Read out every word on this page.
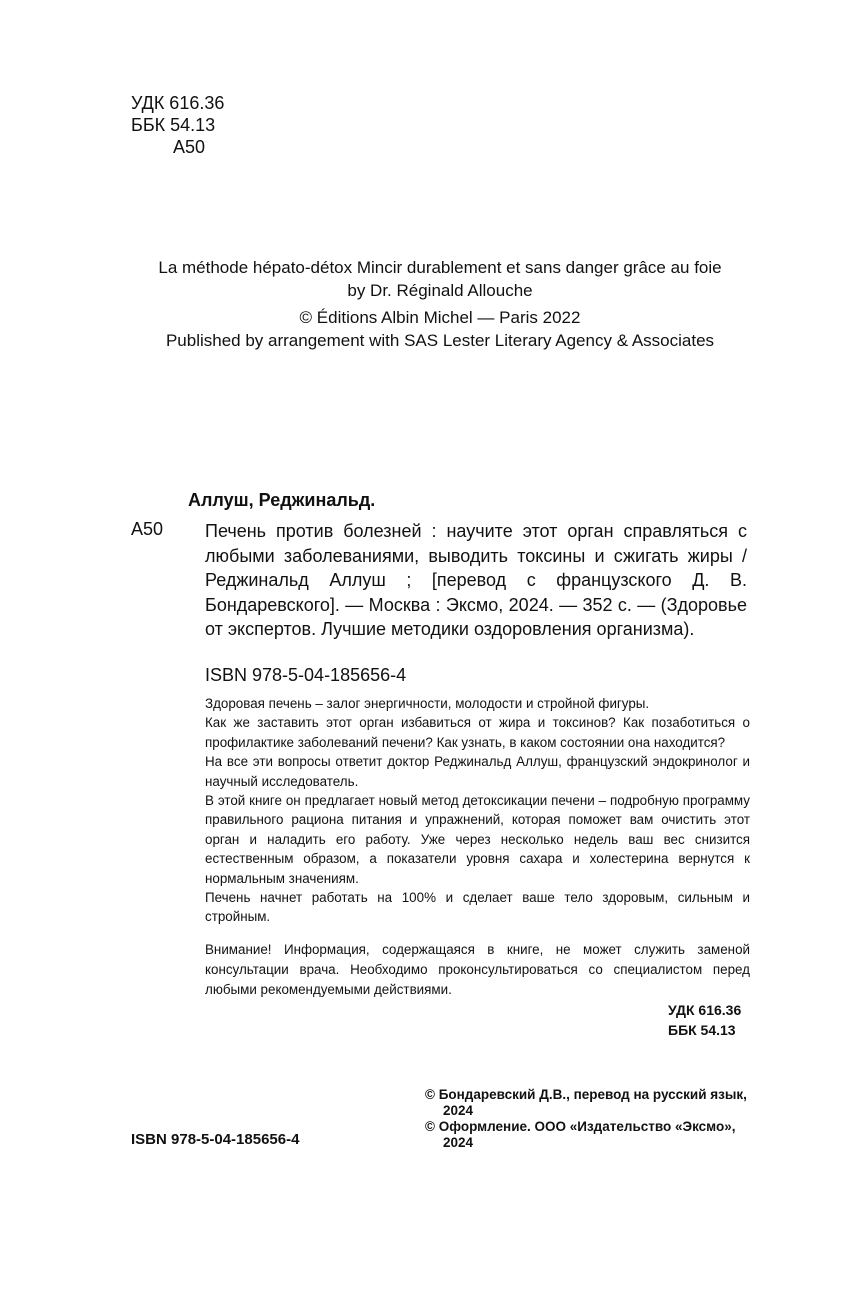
УДК 616.36
ББК 54.13
А50
La méthode hépato-détox Mincir durablement et sans danger grâce au foie
by Dr. Réginald Allouche
© Éditions Albin Michel — Paris 2022
Published by arrangement with SAS Lester Literary Agency & Associates
Аллуш, Реджинальд.
А50 Печень против болезней : научите этот орган справляться с любыми заболеваниями, выводить токсины и сжигать жиры / Реджинальд Аллуш ; [перевод с французского Д. В. Бондаревского]. — Москва : Эксмо, 2024. — 352 с. — (Здоровье от экспертов. Лучшие методики оздоровления организма).
ISBN 978-5-04-185656-4

Здоровая печень – залог энергичности, молодости и стройной фигуры.

Как же заставить этот орган избавиться от жира и токсинов? Как позаботиться о профилактике заболеваний печени? Как узнать, в каком состоянии она находится?

На все эти вопросы ответит доктор Реджинальд Аллуш, французский эндокринолог и научный исследователь.

В этой книге он предлагает новый метод детоксикации печени – подробную программу правильного рациона питания и упражнений, которая поможет вам очистить этот орган и наладить его работу. Уже через несколько недель ваш вес снизится естественным образом, а показатели уровня сахара и холестерина вернутся к нормальным значениям.

Печень начнет работать на 100% и сделает ваше тело здоровым, сильным и стройным.

Внимание! Информация, содержащаяся в книге, не может служить заменой консультации врача. Необходимо проконсультироваться со специалистом перед любыми рекомендуемыми действиями.
УДК 616.36
ББК 54.13

© Бондаревский Д.В., перевод на русский язык, 2024

© Оформление. ООО «Издательство «Эксмо», 2024

ISBN 978-5-04-185656-4
